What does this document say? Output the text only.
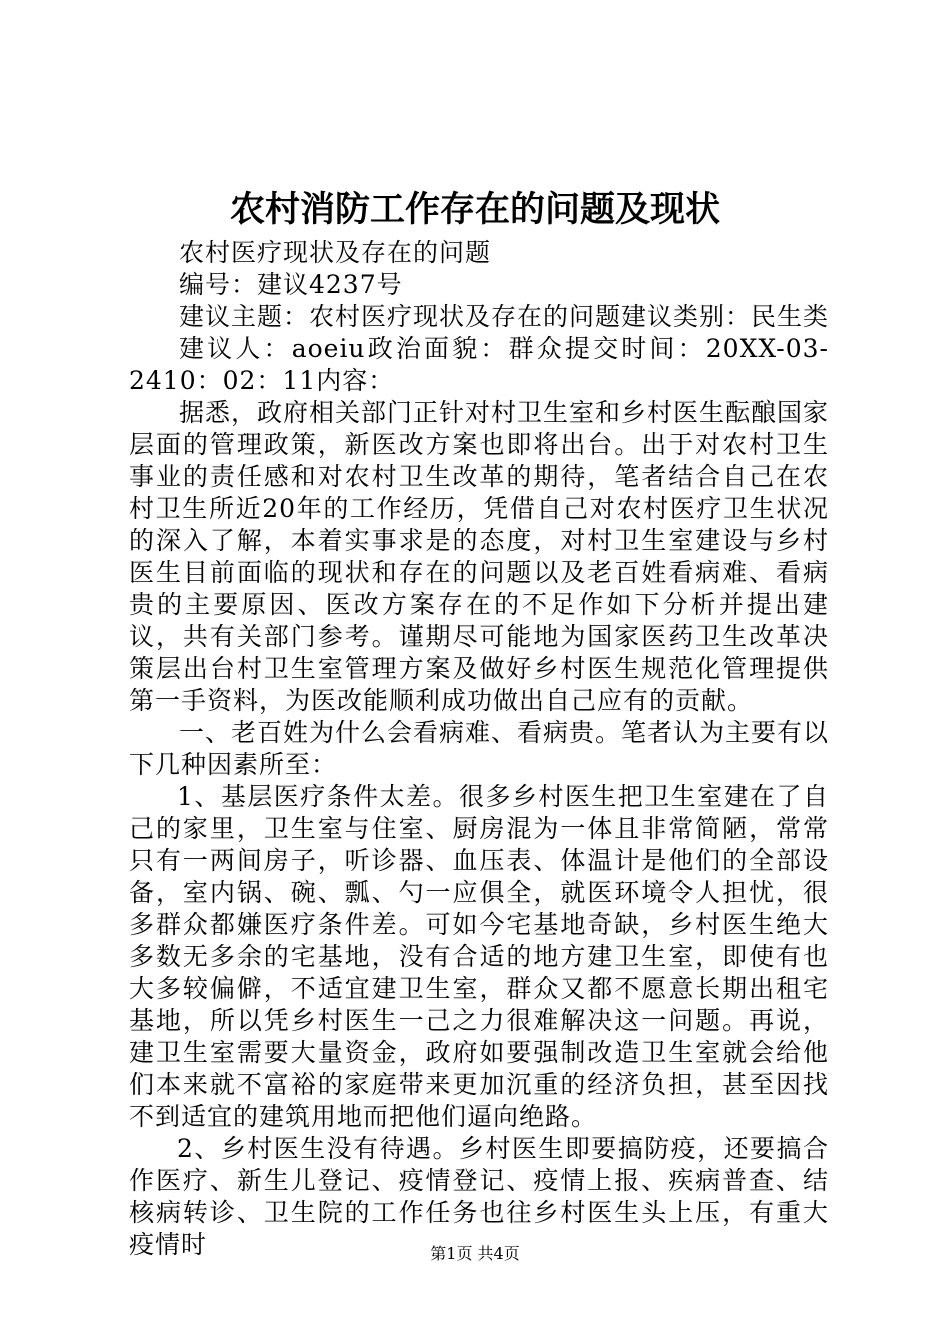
农村消防工作存在的问题及现状

农村医疗现状及存在的问题

编号：建议4237号

建议主题：农村医疗现状及存在的问题建议类别：民生类

建议人：aoeiu政治面貌：群众提交时间：20XX-03-2410：02：11内容：

据悉，政府相关部门正针对村卫生室和乡村医生酝酿国家层面的管理政策，新医改方案也即将出台。出于对农村卫生事业的责任感和对农村卫生改革的期待，笔者结合自己在农村卫生所近20年的工作经历，凭借自己对农村医疗卫生状况的深入了解，本着实事求是的态度，对村卫生室建设与乡村医生目前面临的现状和存在的问题以及老百姓看病难、看病贵的主要原因、医改方案存在的不足作如下分析并提出建议，共有关部门参考。谨期尽可能地为国家医药卫生改革决策层出台村卫生室管理方案及做好乡村医生规范化管理提供第一手资料，为医改能顺利成功做出自己应有的贡献。

一、老百姓为什么会看病难、看病贵。笔者认为主要有以下几种因素所至：

1、基层医疗条件太差。很多乡村医生把卫生室建在了自己的家里，卫生室与住室、厨房混为一体且非常简陋，常常只有一两间房子，听诊器、血压表、体温计是他们的全部设备，室内锅、碗、瓢、勺一应俱全，就医环境令人担忧，很多群众都嫌医疗条件差。可如今宅基地奇缺，乡村医生绝大多数无多余的宅基地，没有合适的地方建卫生室，即使有也大多较偏僻，不适宜建卫生室，群众又都不愿意长期出租宅基地，所以凭乡村医生一己之力很难解决这一问题。再说，建卫生室需要大量资金，政府如要强制改造卫生室就会给他们本来就不富裕的家庭带来更加沉重的经济负担，甚至因找不到适宜的建筑用地而把他们逼向绝路。

2、乡村医生没有待遇。乡村医生即要搞防疫，还要搞合作医疗、新生儿登记、疫情登记、疫情上报、疾病普查、结核病转诊、卫生院的工作任务也往乡村医生头上压，有重大疫情时	第1页 共4页
